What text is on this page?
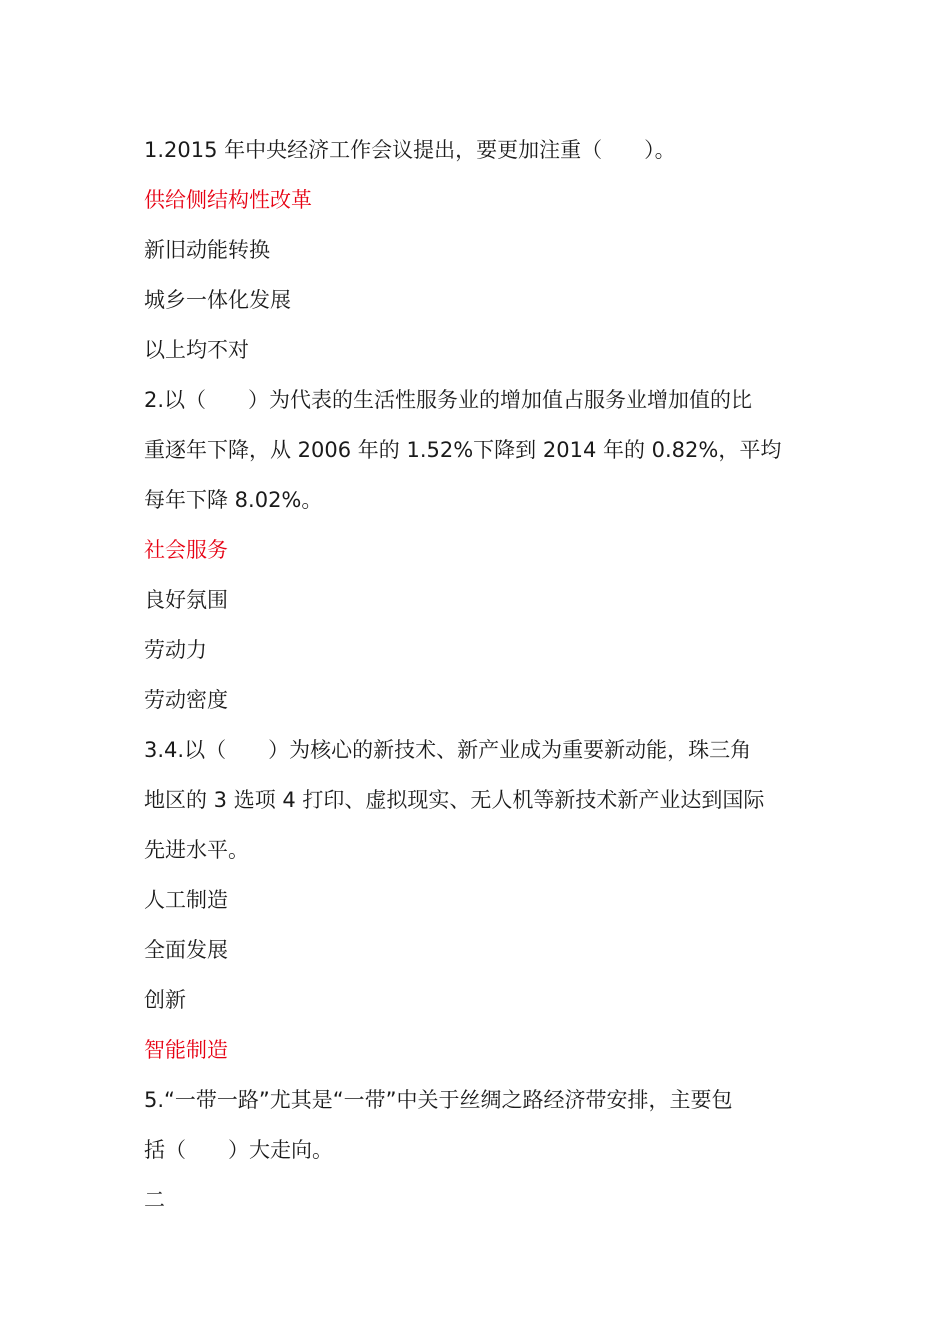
1.2015 年中央经济工作会议提出，要更加注重（　　）。
供给侧结构性改革
新旧动能转换
城乡一体化发展
以上均不对
2.以（　　）为代表的生活性服务业的增加值占服务业增加值的比
重逐年下降，从 2006 年的 1.52%下降到 2014 年的 0.82%，平均
每年下降 8.02%。
社会服务
良好氛围
劳动力
劳动密度
3.4.以（　　）为核心的新技术、新产业成为重要新动能，珠三角
地区的 3 选项 4 打印、虚拟现实、无人机等新技术新产业达到国际
先进水平。
人工制造
全面发展
创新
智能制造
5.“一带一路”尤其是“一带”中关于丝绸之路经济带安排，主要包
括（　　）大走向。
二
